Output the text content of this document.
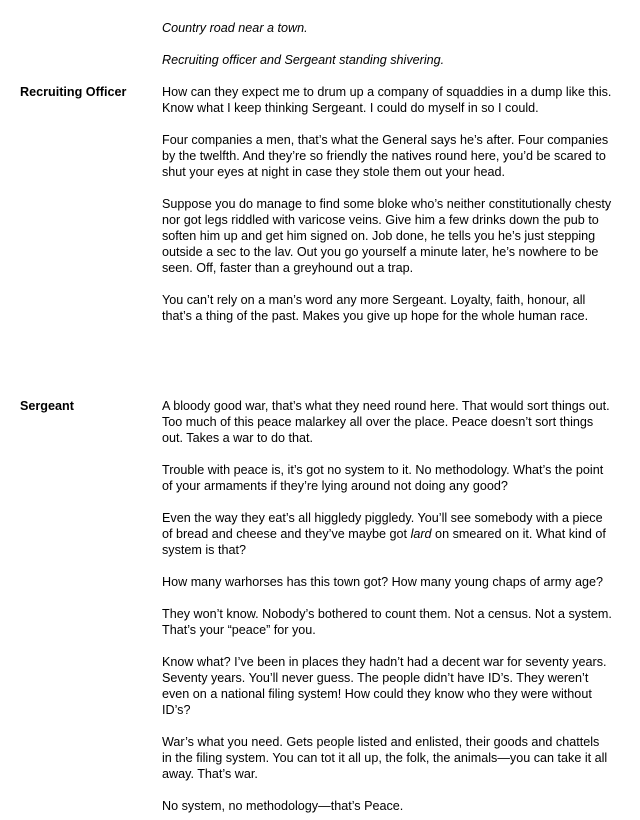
Country road near a town.

Recruiting officer and Sergeant standing shivering.

Recruiting Officer	How can they expect me to drum up a company of squaddies in a dump like this. Know what I keep thinking Sergeant. I could do myself in so I could.

Four companies a men, that’s what the General says he’s after. Four companies by the twelfth. And they’re so friendly the natives round here, you’d be scared to shut your eyes at night in case they stole them out your head.

Suppose you do manage to find some bloke who’s neither constitutionally chesty nor got legs riddled with varicose veins. Give him a few drinks down the pub to soften him up and get him signed on. Job done, he tells you he’s just stepping outside a sec to the lav. Out you go yourself a minute later, he’s nowhere to be seen. Off, faster than a greyhound out a trap.

You can’t rely on a man’s word any more Sergeant. Loyalty, faith, honour, all that’s a thing of the past. Makes you give up hope for the whole human race.

Sergeant	A bloody good war, that’s what they need round here. That would sort things out. Too much of this peace malarkey all over the place. Peace doesn’t sort things out. Takes a war to do that.

Trouble with peace is, it’s got no system to it. No methodology. What’s the point of your armaments if they’re lying around not doing any good?

Even the way they eat’s all higgledy piggledy. You’ll see somebody with a piece of bread and cheese and they’ve maybe got lard on smeared on it. What kind of system is that?

How many warhorses has this town got? How many young chaps of army age?

They won’t know. Nobody’s bothered to count them. Not a census. Not a system. That’s your “peace” for you.

Know what? I’ve been in places they hadn’t had a decent war for seventy years. Seventy years. You’ll never guess. The people didn’t have ID’s. They weren’t even on a national filing system! How could they know who they were without ID’s?

War’s what you need. Gets people listed and enlisted, their goods and chattels in the filing system. You can tot it all up, the folk, the animals—you can take it all away. That’s war.

No system, no methodology—that’s Peace.
